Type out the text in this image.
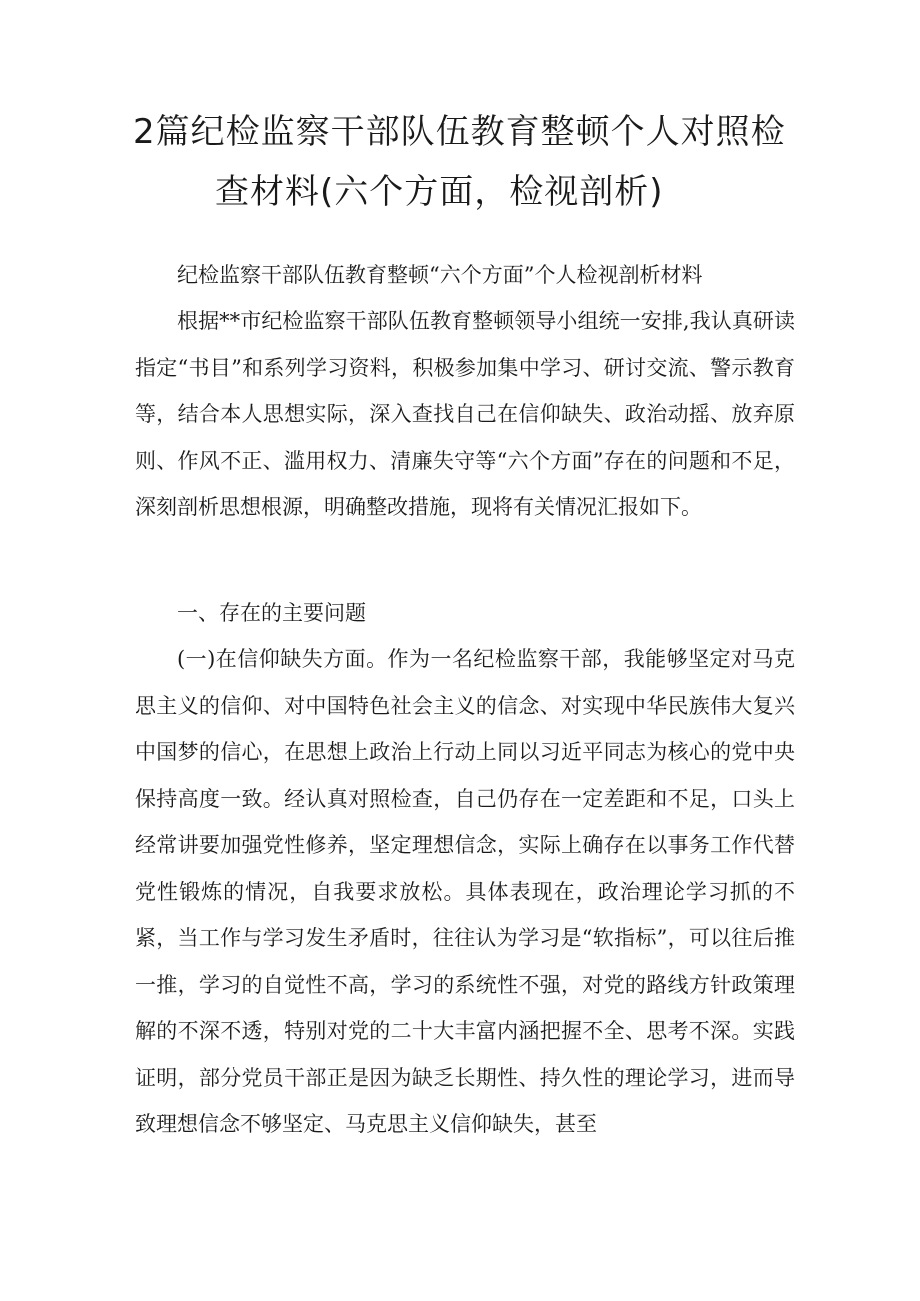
2篇纪检监察干部队伍教育整顿个人对照检
查材料(六个方面，检视剖析)

纪检监察干部队伍教育整顿“六个方面”个人检视剖析材料

根据**市纪检监察干部队伍教育整顿领导小组统一安排,我认真研读指定“书目”和系列学习资料，积极参加集中学习、研讨交流、警示教育等，结合本人思想实际，深入查找自己在信仰缺失、政治动摇、放弃原则、作风不正、滥用权力、清廉失守等“六个方面”存在的问题和不足，深刻剖析思想根源，明确整改措施，现将有关情况汇报如下。

一、存在的主要问题

(一)在信仰缺失方面。作为一名纪检监察干部，我能够坚定对马克思主义的信仰、对中国特色社会主义的信念、对实现中华民族伟大复兴中国梦的信心，在思想上政治上行动上同以习近平同志为核心的党中央保持高度一致。经认真对照检查，自己仍存在一定差距和不足，口头上经常讲要加强党性修养，坚定理想信念，实际上确存在以事务工作代替党性锻炼的情况，自我要求放松。具体表现在，政治理论学习抓的不紧，当工作与学习发生矛盾时，往往认为学习是“软指标”，可以往后推一推，学习的自觉性不高，学习的系统性不强，对党的路线方针政策理解的不深不透，特别对党的二十大丰富内涵把握不全、思考不深。实践证明，部分党员干部正是因为缺乏长期性、持久性的理论学习，进而导致理想信念不够坚定、马克思主义信仰缺失，甚至
